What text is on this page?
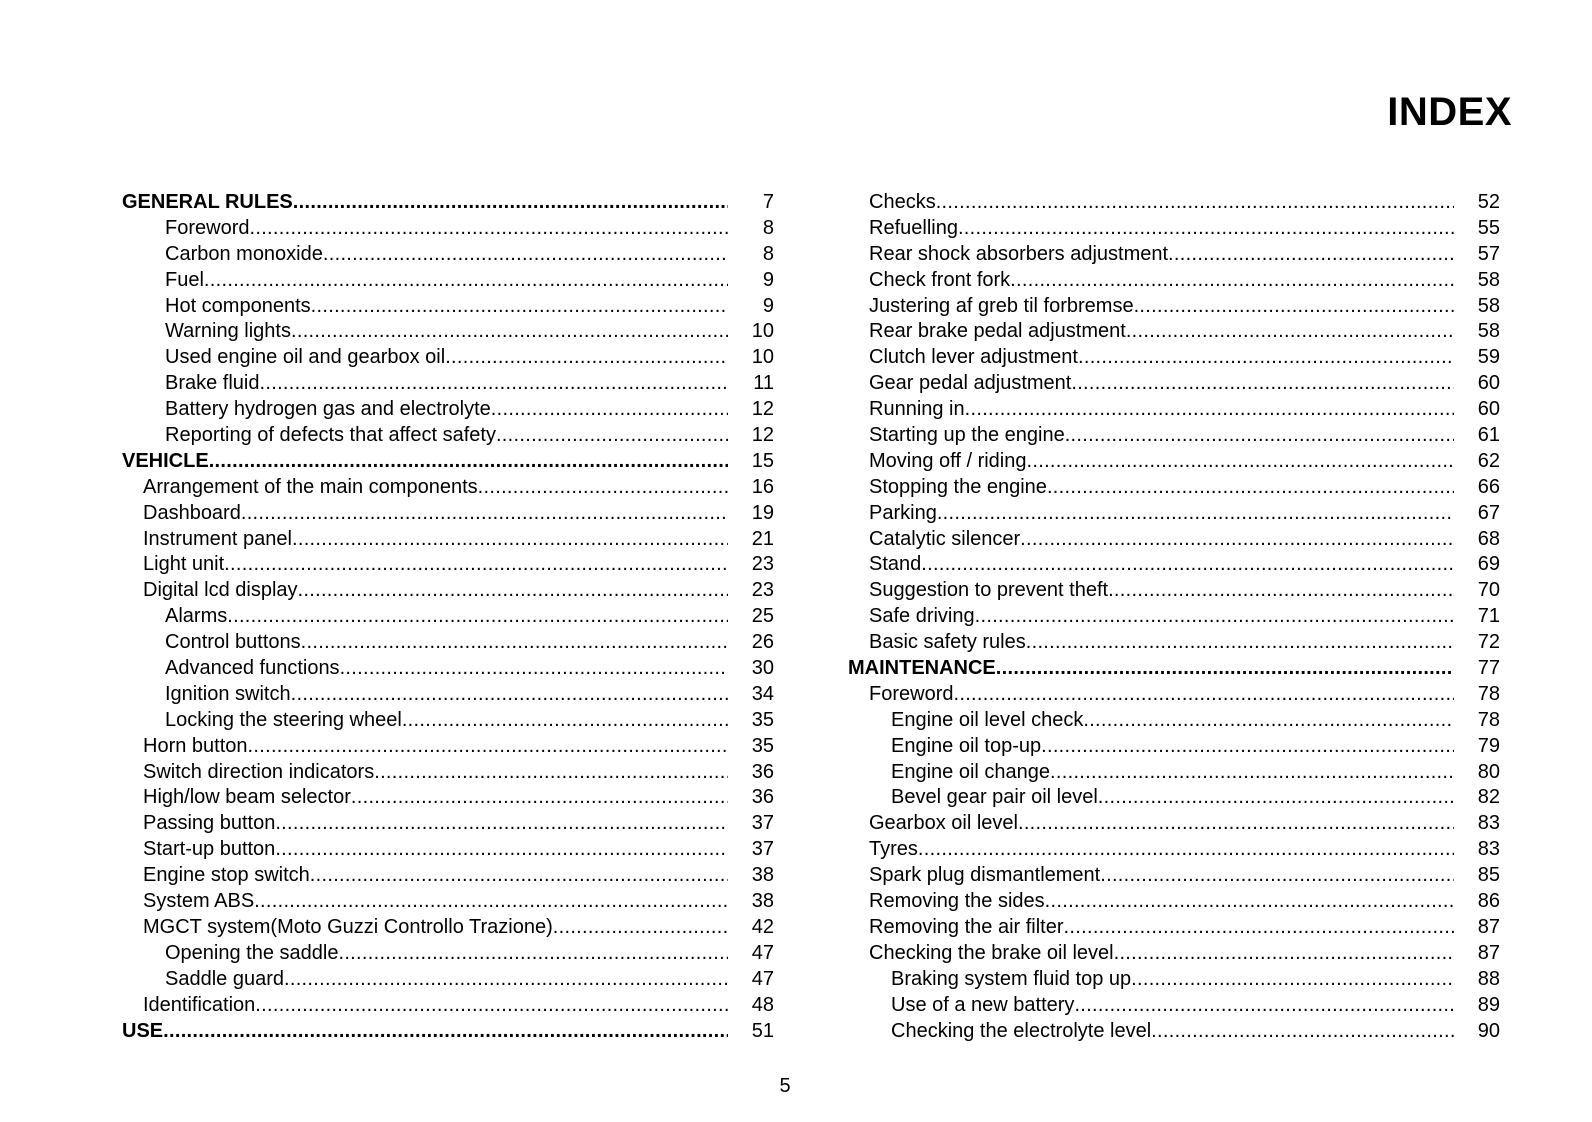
INDEX
GENERAL RULES .....	7
Foreword .....	8
Carbon monoxide .....	8
Fuel .....	9
Hot components .....	9
Warning lights .....	10
Used engine oil and gearbox oil .....	10
Brake fluid .....	11
Battery hydrogen gas and electrolyte .....	12
Reporting of defects that affect safety .....	12
VEHICLE .....	15
Arrangement of the main components .....	16
Dashboard .....	19
Instrument panel .....	21
Light unit .....	23
Digital lcd display .....	23
Alarms .....	25
Control buttons .....	26
Advanced functions .....	30
Ignition switch .....	34
Locking the steering wheel .....	35
Horn button .....	35
Switch direction indicators .....	36
High/low beam selector .....	36
Passing button .....	37
Start-up button .....	37
Engine stop switch .....	38
System ABS .....	38
MGCT system(Moto Guzzi Controllo Trazione) .....	42
Opening the saddle .....	47
Saddle guard .....	47
Identification .....	48
USE .....	51
Checks .....	52
Refuelling .....	55
Rear shock absorbers adjustment .....	57
Check front fork .....	58
Justering af greb til forbremse .....	58
Rear brake pedal adjustment .....	58
Clutch lever adjustment .....	59
Gear pedal adjustment .....	60
Running in .....	60
Starting up the engine .....	61
Moving off / riding .....	62
Stopping the engine .....	66
Parking .....	67
Catalytic silencer .....	68
Stand .....	69
Suggestion to prevent theft .....	70
Safe driving .....	71
Basic safety rules .....	72
MAINTENANCE .....	77
Foreword .....	78
Engine oil level check .....	78
Engine oil top-up .....	79
Engine oil change .....	80
Bevel gear pair oil level .....	82
Gearbox oil level .....	83
Tyres .....	83
Spark plug dismantlement .....	85
Removing the sides .....	86
Removing the air filter .....	87
Checking the brake oil level .....	87
Braking system fluid top up .....	88
Use of a new battery .....	89
Checking the electrolyte level .....	90
5
